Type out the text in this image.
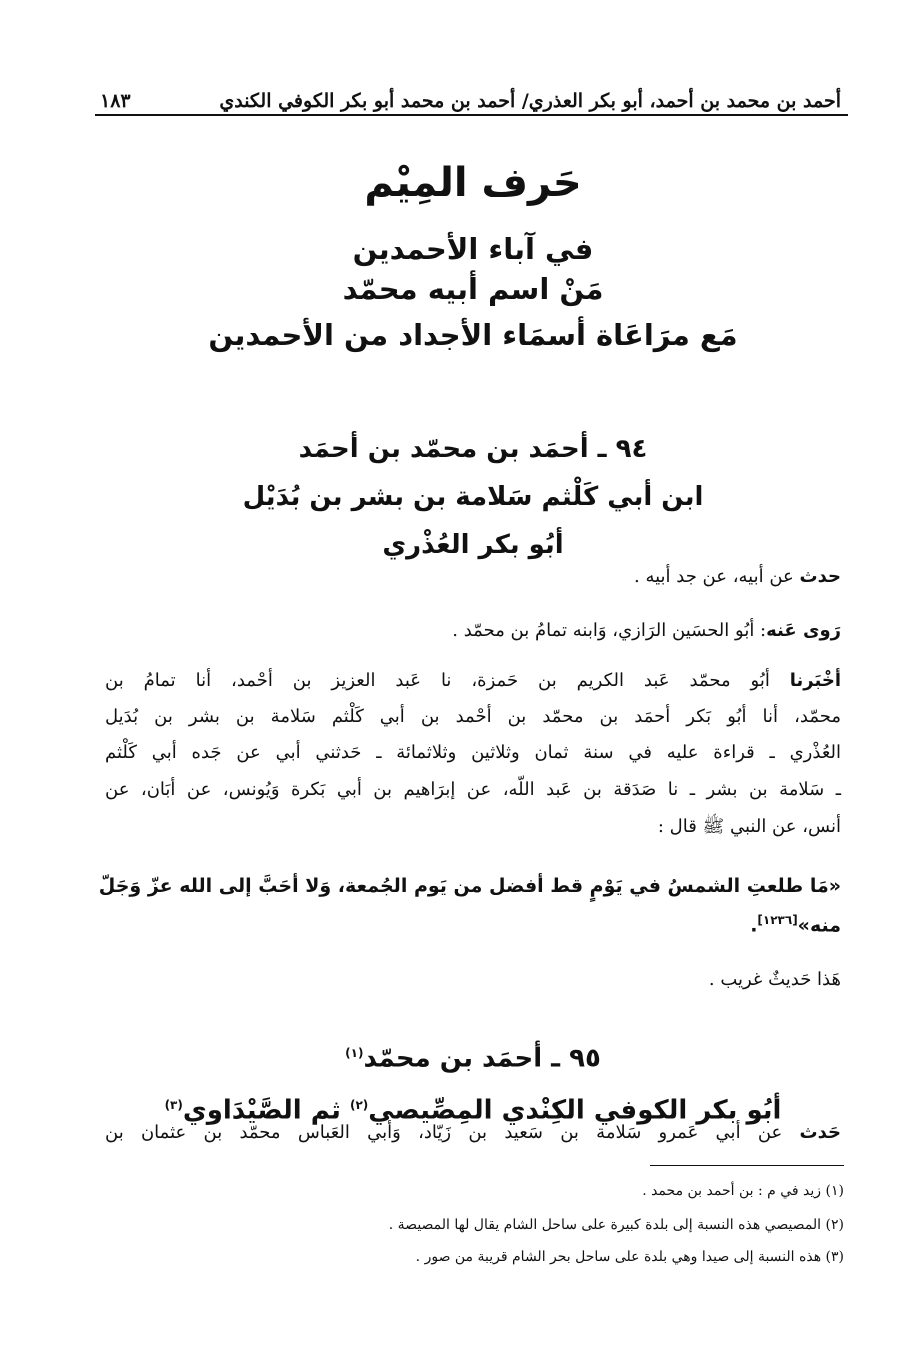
أحمد بن محمد بن أحمد، أبو بكر العذري/ أحمد بن محمد أبو بكر الكوفي الكندي
١٨٣
حَرف المِيْم
في آباء الأحمدين
مَنْ اسم أبيه محمّد
مَع مرَاعَاة أسمَاء الأجداد من الأحمدين
٩٤ ـ أحمَد بن محمّد بن أحمَد
ابن أبي كَلْثم سَلامة بن بشر بن بُدَيْل
أبُو بكر العُذْري
حدث عن أبيه، عن جد أبيه .
رَوى عَنه: أبُو الحسَين الرَازي، وَابنه تمامُ بن محمّد .
أخْبَرنا أبُو محمّد عَبد الكريم بن حَمزة، نا عَبد العزيز بن أحْمد، أنا تمامُ بن
محمّد، أنا أبُو بَكر أحمَد بن محمّد بن أحْمد بن أبي كَلْثم سَلامة بن بشر بن بُدَيل
العُذْري ـ قراءة عليه في سنة ثمان وثلاثين وثلاثمائة ـ حَدثني أبي عن جَده أبي كَلْثم
ـ سَلامة بن بشر ـ نا صَدَقة بن عَبد اللّه، عن إبرَاهيم بن أبي بَكرة وَيُونس، عن أبَان، عن
أنس، عن النبي ﷺ قال :
«مَا طلعتِ الشمسُ في يَوْمٍ قط أفضل من يَوم الجُمعة، وَلا أحَبَّ إلى الله عزّ وَجَلّ
منه»[١٢٣٦].
هَذا حَديثٌ غريب .
٩٥ ـ أحمَد بن محمّد$^{(١)}$
أبُو بكر الكوفي الكِنْدي المِصِّيصي$^{(٢)}$ ثم الصَّيْدَاوي$^{(٣)}$
حَدث عن أبي عَمرو سَلامة بن سَعيد بن زَيّاد، وَأبي العَباس محمّد بن عثمان بن
(١) زيد في م : بن أحمد بن محمد .
(٢) المصيصي هذه النسبة إلى بلدة كبيرة على ساحل الشام يقال لها المصيصة .
(٣) هذه النسبة إلى صيدا وهي بلدة على ساحل بحر الشام قريبة من صور .
